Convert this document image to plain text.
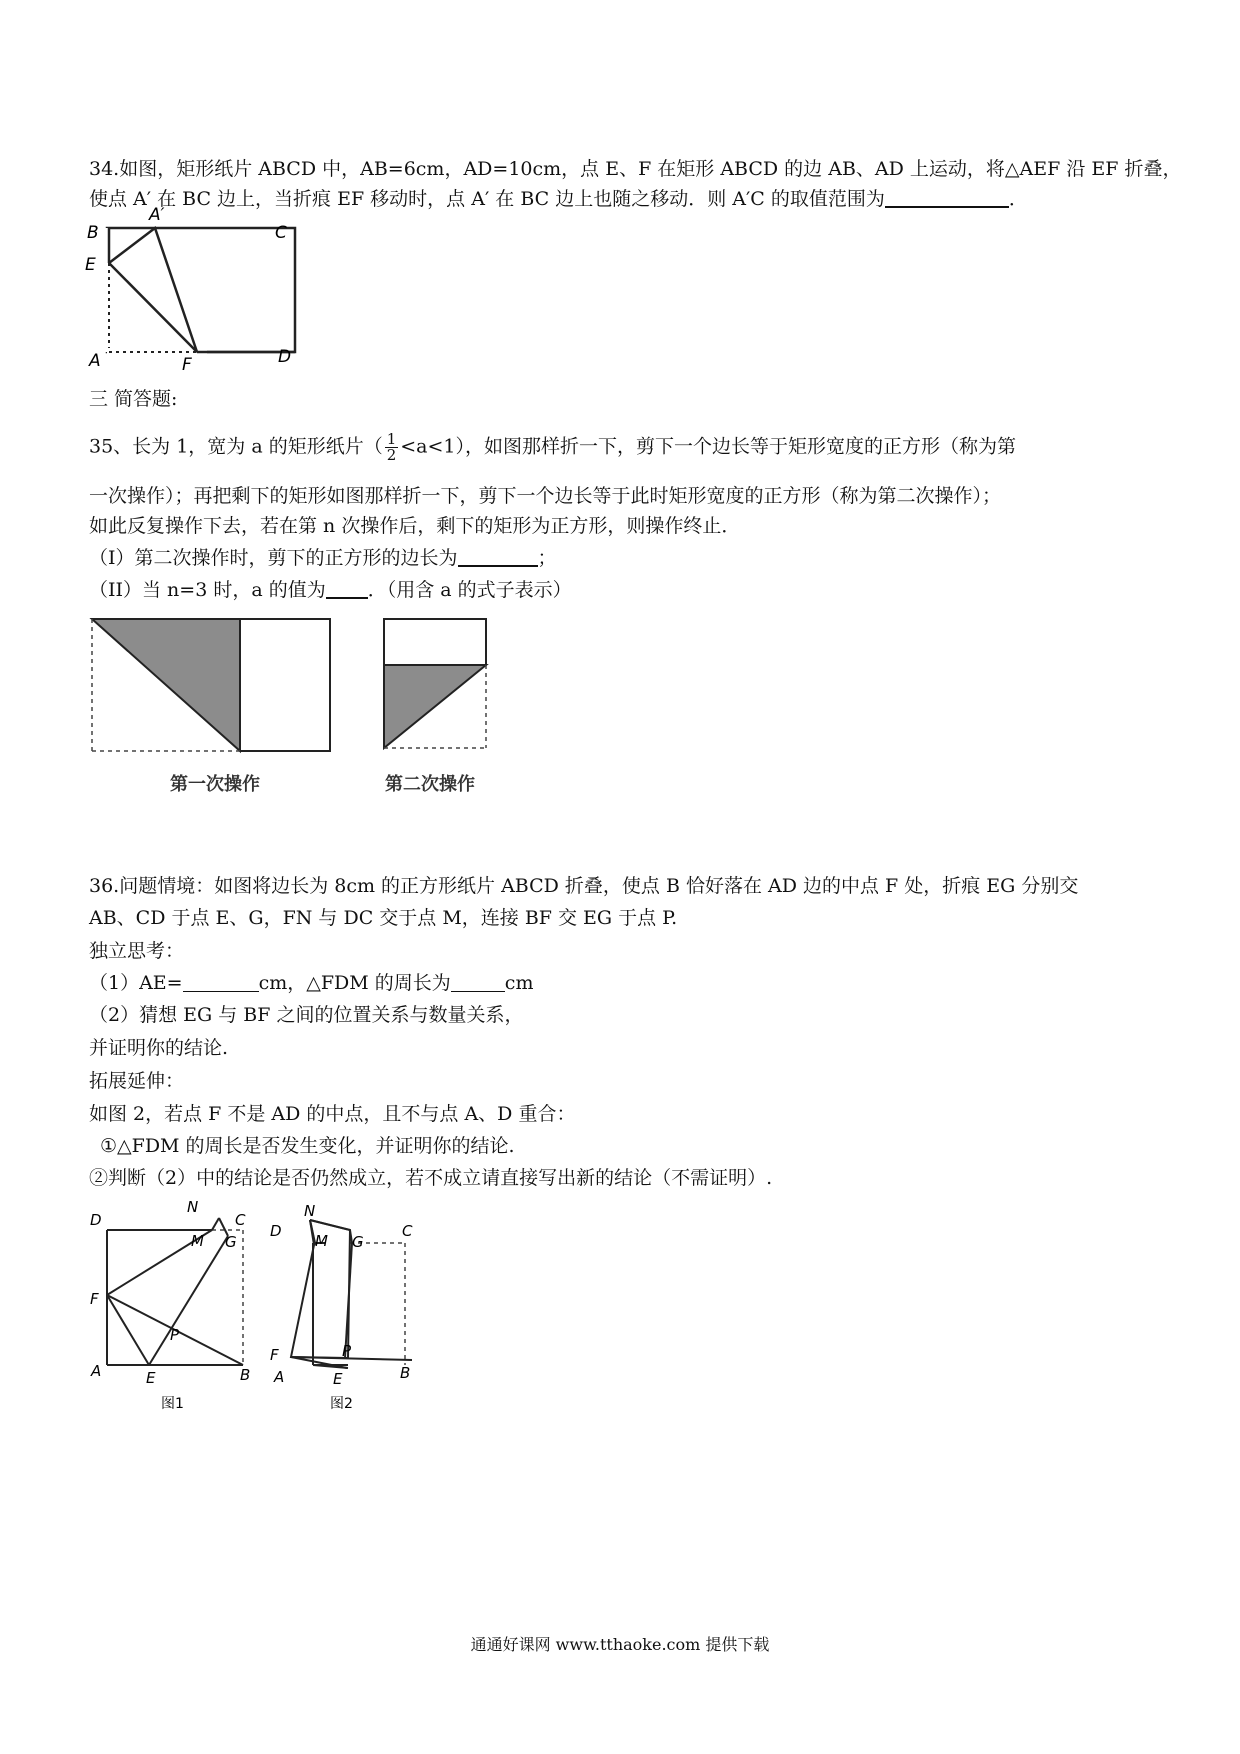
34.如图，矩形纸片 ABCD 中，AB=6cm，AD=10cm，点 E、F 在矩形 ABCD 的边 AB、AD 上运动，将△AEF 沿 EF 折叠，
使点 A′ 在 BC 边上，当折痕 EF 移动时，点 A′ 在 BC 边上也随之移动．则 A′C 的取值范围为	．
B
A′
C
E
A	F	D
三 简答题:
35、长为 1，宽为 a 的矩形纸片（ $\frac{1}{2} <a<1$），如图那样折一下，剪下一个边长等于矩形宽度的正方形（称为第
一次操作）；再把剩下的矩形如图那样折一下，剪下一个边长等于此时矩形宽度的正方形（称为第二次操作）；
如此反复操作下去，若在第 n 次操作后，剩下的矩形为正方形，则操作终止．
（I）第二次操作时，剪下的正方形的边长为	；
（II）当 n=3 时，a 的值为 ．（用含 a 的式子表示）
第一次操作	第二次操作
36.问题情境：如图将边长为 8cm 的正方形纸片 ABCD 折叠，使点 B 恰好落在 AD 边的中点 F 处，折痕 EG 分别交
AB、CD 于点 E、G，FN 与 DC 交于点 M，连接 BF 交 EG 于点 P.
独立思考：
（1）AE=	cm，△FDM 的周长为	cm
（2）猜想 EG 与 BF 之间的位置关系与数量关系，
并证明你的结论.
拓展延伸：
如图 2，若点 F 不是 AD 的中点，且不与点 A、D 重合：
①△FDM 的周长是否发生变化，并证明你的结论.
②判断（2）中的结论是否仍然成立，若不成立请直接写出新的结论（不需证明）.
D
N
C
M G
F
P
A	E	B
图1
N
D
M G
C
F	P
A	E	B
图2
通通好课网 www.tthaoke.com 提供下载
